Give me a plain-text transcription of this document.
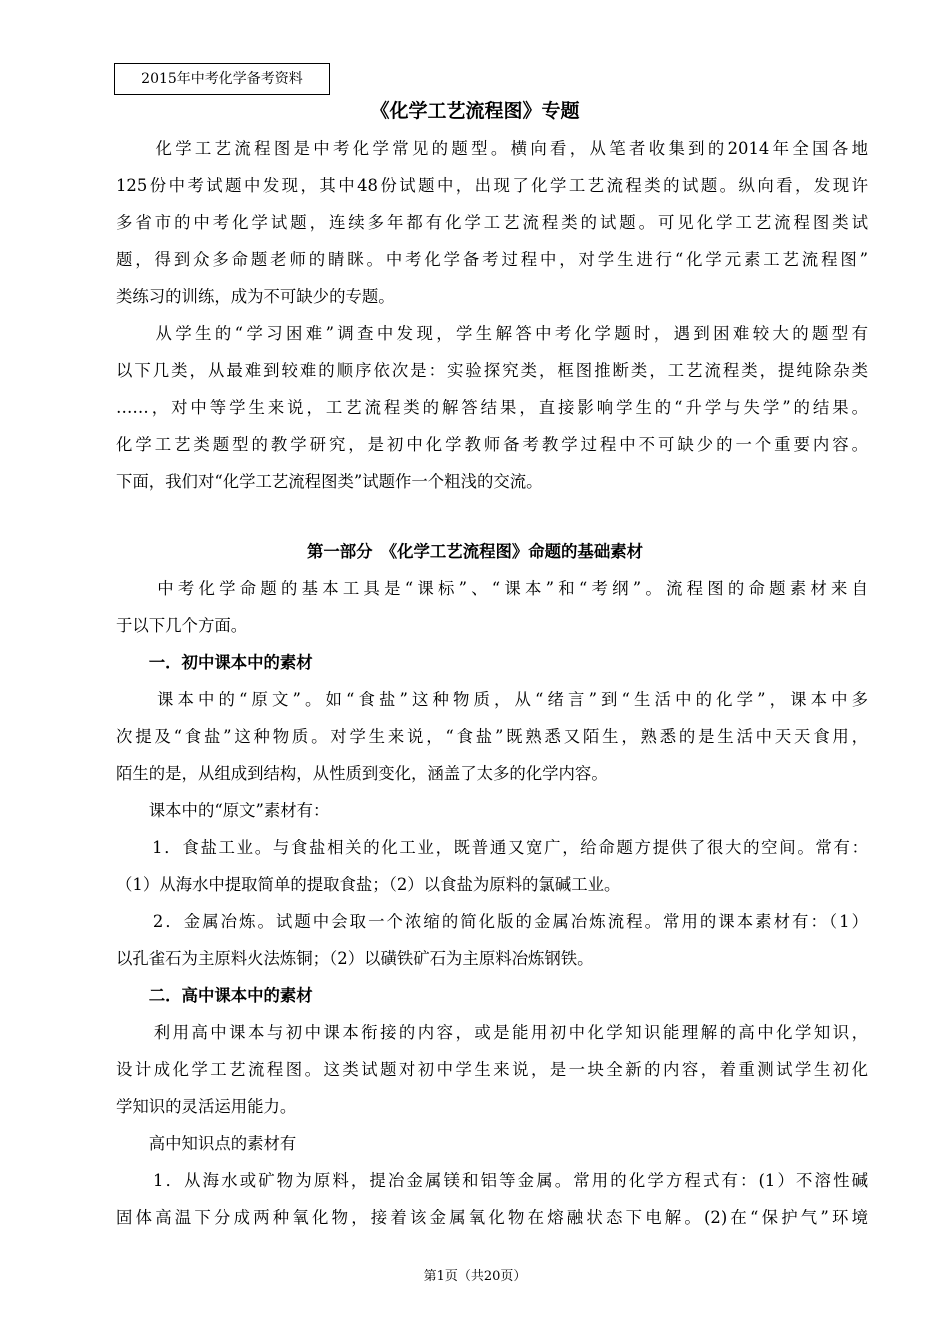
2015年中考化学备考资料
《化学工艺流程图》专题
　　化学工艺流程图是中考化学常见的题型。横向看，从笔者收集到的2014年全国各地
125份中考试题中发现，其中48份试题中，出现了化学工艺流程类的试题。纵向看，发现许
多省市的中考化学试题，连续多年都有化学工艺流程类的试题。可见化学工艺流程图类试
题，得到众多命题老师的睛眯。中考化学备考过程中，对学生进行“化学元素工艺流程图”
类练习的训练，成为不可缺少的专题。
　　从学生的“学习困难”调查中发现，学生解答中考化学题时，遇到困难较大的题型有
以下几类，从最难到较难的顺序依次是：实验探究类，框图推断类，工艺流程类，提纯除杂类
……，对中等学生来说，工艺流程类的解答结果，直接影响学生的“升学与失学”的结果。
化学工艺类题型的教学研究，是初中化学教师备考教学过程中不可缺少的一个重要内容。
下面，我们对“化学工艺流程图类”试题作一个粗浅的交流。
第一部分　《化学工艺流程图》命题的基础素材
　　中考化学命题的基本工具是“课标”、“课本”和“考纲”。流程图的命题素材来自
于以下几个方面。
　　一．初中课本中的素材
　　课本中的“原文”。如“食盐”这种物质，从“绪言”到“生活中的化学”，课本中多
次提及“食盐”这种物质。对学生来说，“食盐”既熟悉又陌生，熟悉的是生活中天天食用，
陌生的是，从组成到结构，从性质到变化，涵盖了太多的化学内容。
　　课本中的“原文”素材有：
　　1．食盐工业。与食盐相关的化工业，既普通又宽广，给命题方提供了很大的空间。常有：
（1）从海水中提取简单的提取食盐；（2）以食盐为原料的氯碱工业。
　　2．金属冶炼。试题中会取一个浓缩的简化版的金属冶炼流程。常用的课本素材有：（1）
以孔雀石为主原料火法炼铜；（2）以磺铁矿石为主原料冶炼钢铁。
　　二．高中课本中的素材
　　利用高中课本与初中课本衔接的内容，或是能用初中化学知识能理解的高中化学知识，
设计成化学工艺流程图。这类试题对初中学生来说，是一块全新的内容，着重测试学生初化
学知识的灵活运用能力。
　　高中知识点的素材有
　　1．从海水或矿物为原料，提冶金属镁和铝等金属。常用的化学方程式有：(1）不溶性碱
固体高温下分成两种氧化物，接着该金属氧化物在熔融状态下电解。(2)在“保护气”环境
第1页（共20页）
